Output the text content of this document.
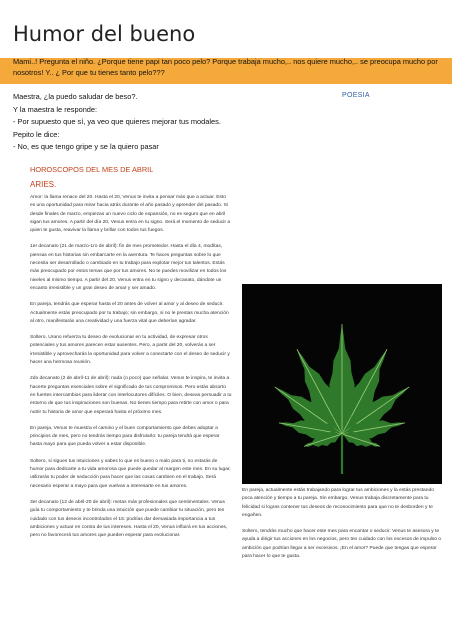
Humor del bueno

Mami..! Pregunta el niño. ¿Porque tiene papi tan poco pelo? Porque trabaja mucho,.. nos quiere mucho,.. se preocupa mucho por nosotros! Y.. ¿ Por que tu tienes tanto pelo???

Maestra, ¿la puedo saludar de beso?.

Y la maestra le responde:

- Por supuesto que sí, ya veo que quieres mejorar tus modales.

Pepito le dice:

- No, es que tengo gripe y se la quiero pasar

POESIA
HOROSCOPOS DEL MES DE ABRIL
ARIES.

Amor: la llama renace del 20. Hasta el 20, Venus te invita a pensar más que a actuar. Esto es una oportunidad para mirar hacia atrás durante el año pasado y aprender del pasado. Si desde finales de marzo, empiezas un nuevo ciclo de expansión, no es seguro que en abril sigan tus amores. A partir del día 20, Venus entra en tu signo. Será el momento de seducir a quien te gusta, reavivar la llama y brillar con todos tus fuegos.

1er decanato (21 de marzo-1ro de abril): fin de mes prometedor. Hasta el día 4, modítas, piensas en tus historias sin embarcarte en la aventura. Te haces preguntas sobre lo que necesita ser desarrollado o cambiado en tu trabajo para explotar mejor tus talentos. Estás más preocupado por estos temas que por tus amores. No te puedes movilizar en todos los niveles al mismo tiempo. A partir del 20, Venus entra en tu signo y decanato, dándote un encanto irresistible y un gran deseo de amar y ser amado.

En pareja, tendrás que esperar hasta el 20 antes de volver al amor y al deseo de seducir. Actualmente estás preocupado por tu trabajo; sin embargo, si no le prestas mucha atención al otro, manifestarás una creatividad y una fuerza vital que deberían agradar.

Soltero, Urano refuerza tu deseo de evolucionar en tu actividad, de expresar otros potenciales y tus amores parecen estar ausentes. Pero, a partir del 20, volverás a ser irresistible y aprovecharás la oportunidad para volver a conectarte con el deseo de seducir y hacer una hermosa reunión.

2do decanato (2 de abril-11 de abril): nada (o poco) que señalar. Venus te inspira, te invita a hacerte preguntas esenciales sobre el significado de tus compromisos. Pero estás absorto en fuertes intercambios para liderar con interlocutores difíciles. O bien, deseas persuadir a tu entorno de que tus inspiraciones son buenas. No tienes tiempo para retirte con amor o para nutrir tu historia de amor que esperará hasta el próximo mes.

En pareja, Venus te muestra el camino y el buen comportamiento que debes adoptar a principios de mes, pero no tendrás tiempo para disfrutarlo: tu pareja tendrá que esperar hasta mayo para que pueda volver a estar disponible.

Soltero, si sigues tus intuiciones y sabes lo que es bueno o malo para ti, no estarás de humor para dedicarte a tu vida amorosa que puede quedar al margen este mes. En su lugar, utilizarás tu poder de seducción para hacer que las cosas cambien en el trabajo. Será necesario esperar a mayo para que vuelvas a interesarte en tus amores.

3er decanato (12 de abril-20 de abril): metas más profesionales que sentimentales. Venus guía tu comportamiento y te brinda una intuición que puede cambiar tu situación, pero ten cuidado con tus deseos incontrolados el 15: podrías dar demasiada importancia a tus ambiciones y actuar en contra de tus intereses. Hasta el 20, Venus influirá en tus acciones, pero no favorecerá tus amores que pueden esperar para evolucionar.

En pareja, actualmente estás trabajando para lograr tus ambiciones y la estás prestando poca atención y tiempo a tu pareja. Sin embargo, Venus trabaja discretamente para tu felicidad si logras contener tus deseos de reconocimiento para que no te desborden y te engañen.

Soltero, tendrás mucho que hacer este mes para encantar o seducir. Venus te asesora y te ayuda a dirigir tus acciones en los negocios, pero ten cuidado con los excesos de impulso o ambición que podrían llegar a ser excesivos. ¡En el amor? Puede que tengas que esperar para hacer lo que te gusta.
